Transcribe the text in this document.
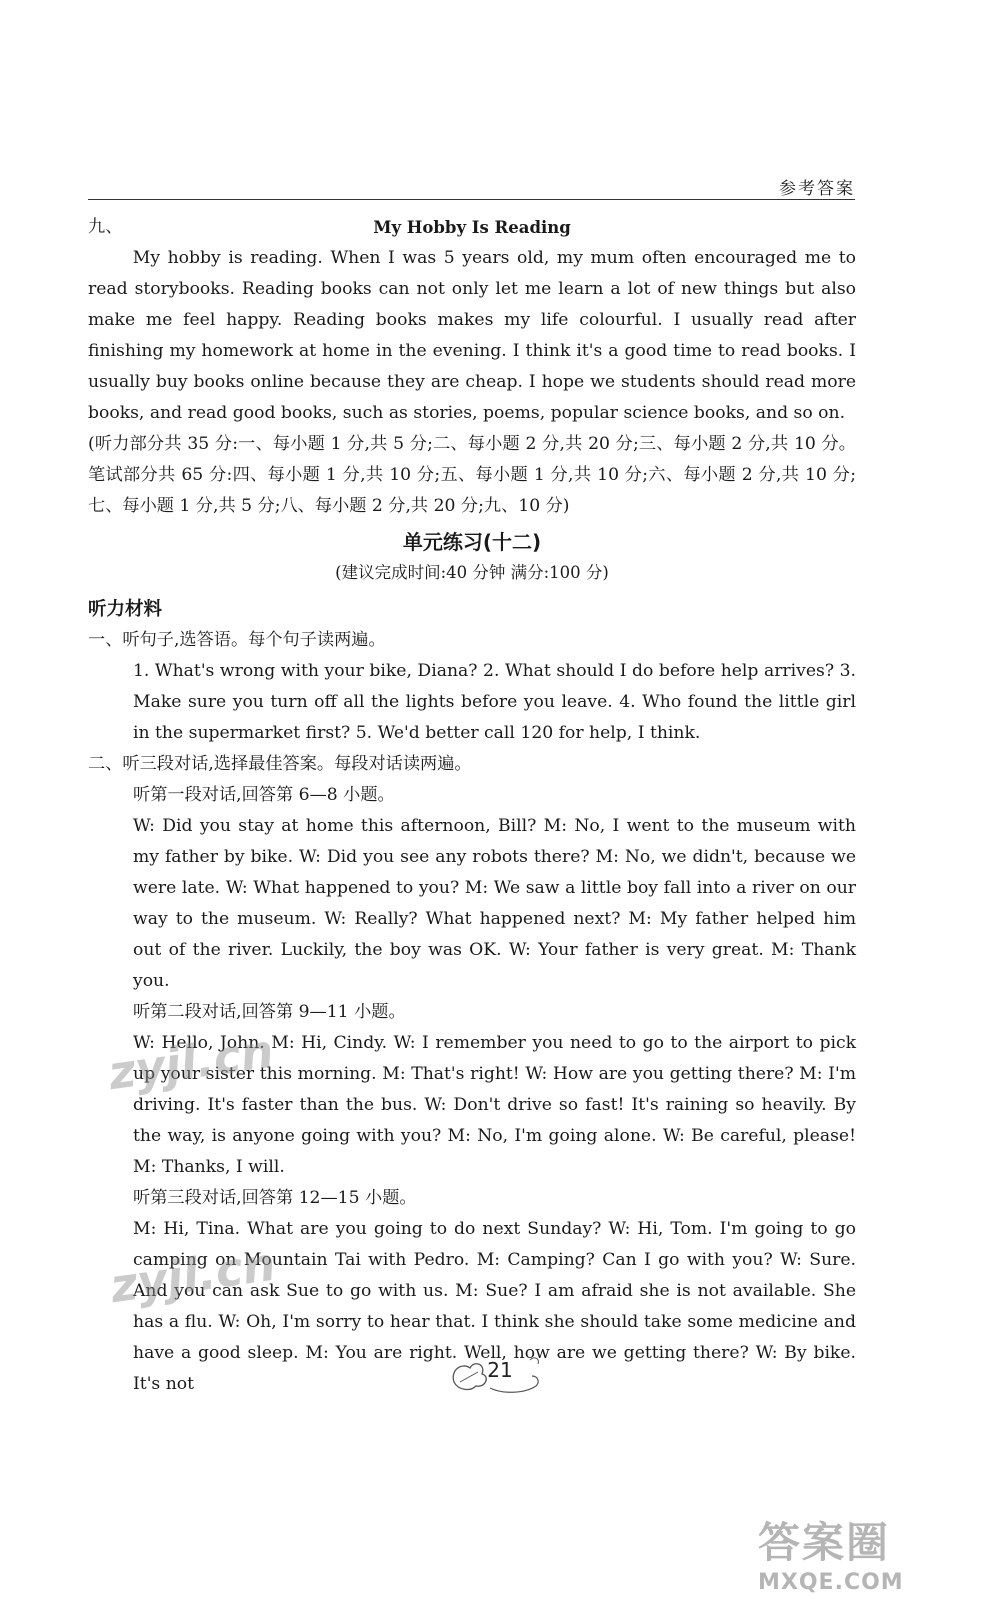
参考答案
九、	My Hobby Is Reading

My hobby is reading. When I was 5 years old, my mum often encouraged me to read storybooks. Reading books can not only let me learn a lot of new things but also make me feel happy. Reading books makes my life colourful. I usually read after finishing my homework at home in the evening. I think it's a good time to read books. I usually buy books online because they are cheap. I hope we students should read more books, and read good books, such as stories, poems, popular science books, and so on.

(听力部分共 35 分:一、每小题 1 分,共 5 分;二、每小题 2 分,共 20 分;三、每小题 2 分,共 10 分。笔试部分共 65 分:四、每小题 1 分,共 10 分;五、每小题 1 分,共 10 分;六、每小题 2 分,共 10 分;七、每小题 1 分,共 5 分;八、每小题 2 分,共 20 分;九、10 分)

单元练习(十二)
(建议完成时间:40 分钟 满分:100 分)
听力材料

一、听句子,选答语。每个句子读两遍。

1. What's wrong with your bike, Diana? 2. What should I do before help arrives? 3. Make sure you turn off all the lights before you leave. 4. Who found the little girl in the supermarket first? 5. We'd better call 120 for help, I think.

二、听三段对话,选择最佳答案。每段对话读两遍。

听第一段对话,回答第 6—8 小题。

W: Did you stay at home this afternoon, Bill? M: No, I went to the museum with my father by bike. W: Did you see any robots there? M: No, we didn't, because we were late. W: What happened to you? M: We saw a little boy fall into a river on our way to the museum. W: Really? What happened next? M: My father helped him out of the river. Luckily, the boy was OK. W: Your father is very great. M: Thank you.

听第二段对话,回答第 9—11 小题。

W: Hello, John. M: Hi, Cindy. W: I remember you need to go to the airport to pick up your sister this morning. M: That's right! W: How are you getting there? M: I'm driving. It's faster than the bus. W: Don't drive so fast! It's raining so heavily. By the way, is anyone going with you? M: No, I'm going alone. W: Be careful, please! M: Thanks, I will.

听第三段对话,回答第 12—15 小题。

M: Hi, Tina. What are you going to do next Sunday? W: Hi, Tom. I'm going to go camping on Mountain Tai with Pedro. M: Camping? Can I go with you? W: Sure. And you can ask Sue to go with us. M: Sue? I am afraid she is not available. She has a flu. W: Oh, I'm sorry to hear that. I think she should take some medicine and have a good sleep. M: You are right. Well, how are we getting there? W: By bike. It's not

21
zyjl.cn
zyjl.cn
答案圈
MXQE.COM
